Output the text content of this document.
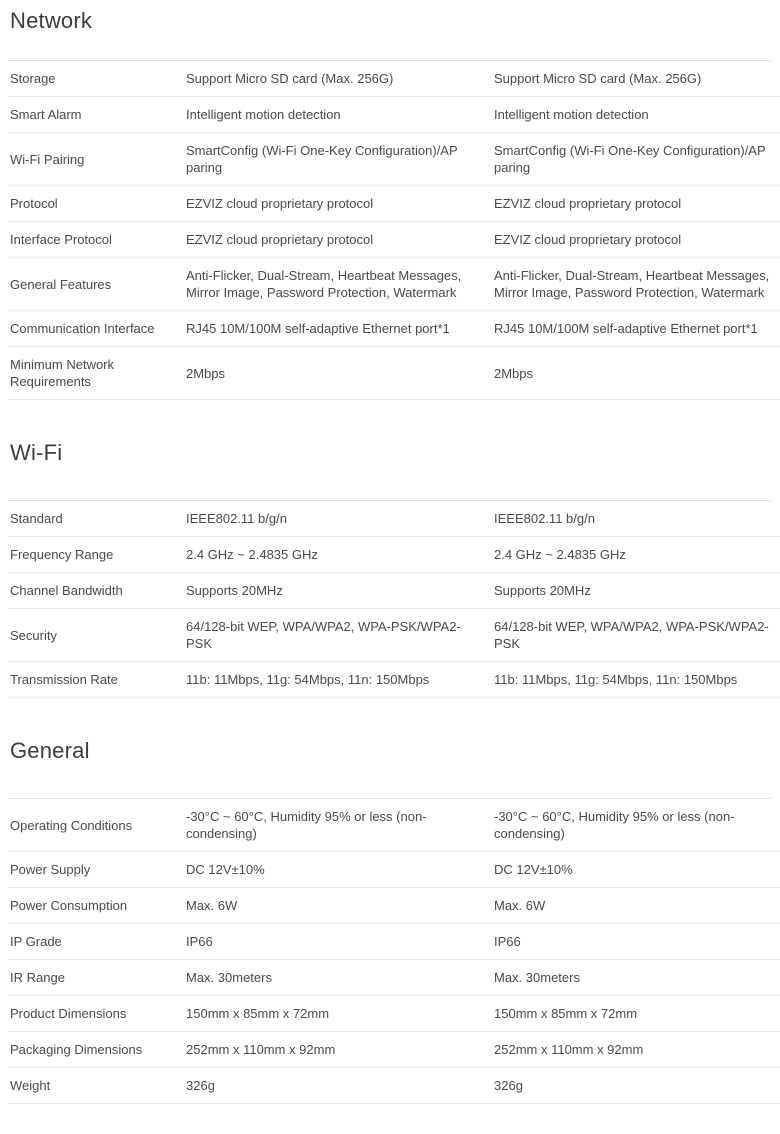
Network
Storage	Support Micro SD card (Max. 256G)	Support Micro SD card (Max. 256G)
Smart Alarm	Intelligent motion detection	Intelligent motion detection
Wi-Fi Pairing	SmartConfig (Wi-Fi One-Key Configuration)/AP paring	SmartConfig (Wi-Fi One-Key Configuration)/AP paring
Protocol	EZVIZ cloud proprietary protocol	EZVIZ cloud proprietary protocol
Interface Protocol	EZVIZ cloud proprietary protocol	EZVIZ cloud proprietary protocol
General Features	Anti-Flicker, Dual-Stream, Heartbeat Messages, Mirror Image, Password Protection, Watermark	Anti-Flicker, Dual-Stream, Heartbeat Messages, Mirror Image, Password Protection, Watermark
Communication Interface	RJ45 10M/100M self-adaptive Ethernet port*1	RJ45 10M/100M self-adaptive Ethernet port*1
Minimum Network Requirements	2Mbps	2Mbps
Wi-Fi
Standard	IEEE802.11 b/g/n	IEEE802.11 b/g/n
Frequency Range	2.4 GHz ~ 2.4835 GHz	2.4 GHz ~ 2.4835 GHz
Channel Bandwidth	Supports 20MHz	Supports 20MHz
Security	64/128-bit WEP, WPA/WPA2, WPA-PSK/WPA2-PSK	64/128-bit WEP, WPA/WPA2, WPA-PSK/WPA2-PSK
Transmission Rate	11b: 11Mbps, 11g: 54Mbps, 11n: 150Mbps	11b: 11Mbps, 11g: 54Mbps, 11n: 150Mbps
General
Operating Conditions	-30°C ~ 60°C, Humidity 95% or less (non-condensing)	-30°C ~ 60°C, Humidity 95% or less (non-condensing)
Power Supply	DC 12V±10%	DC 12V±10%
Power Consumption	Max. 6W	Max. 6W
IP Grade	IP66	IP66
IR Range	Max. 30meters	Max. 30meters
Product Dimensions	150mm x 85mm x 72mm	150mm x 85mm x 72mm
Packaging Dimensions	252mm x 110mm x 92mm	252mm x 110mm x 92mm
Weight	326g	326g
